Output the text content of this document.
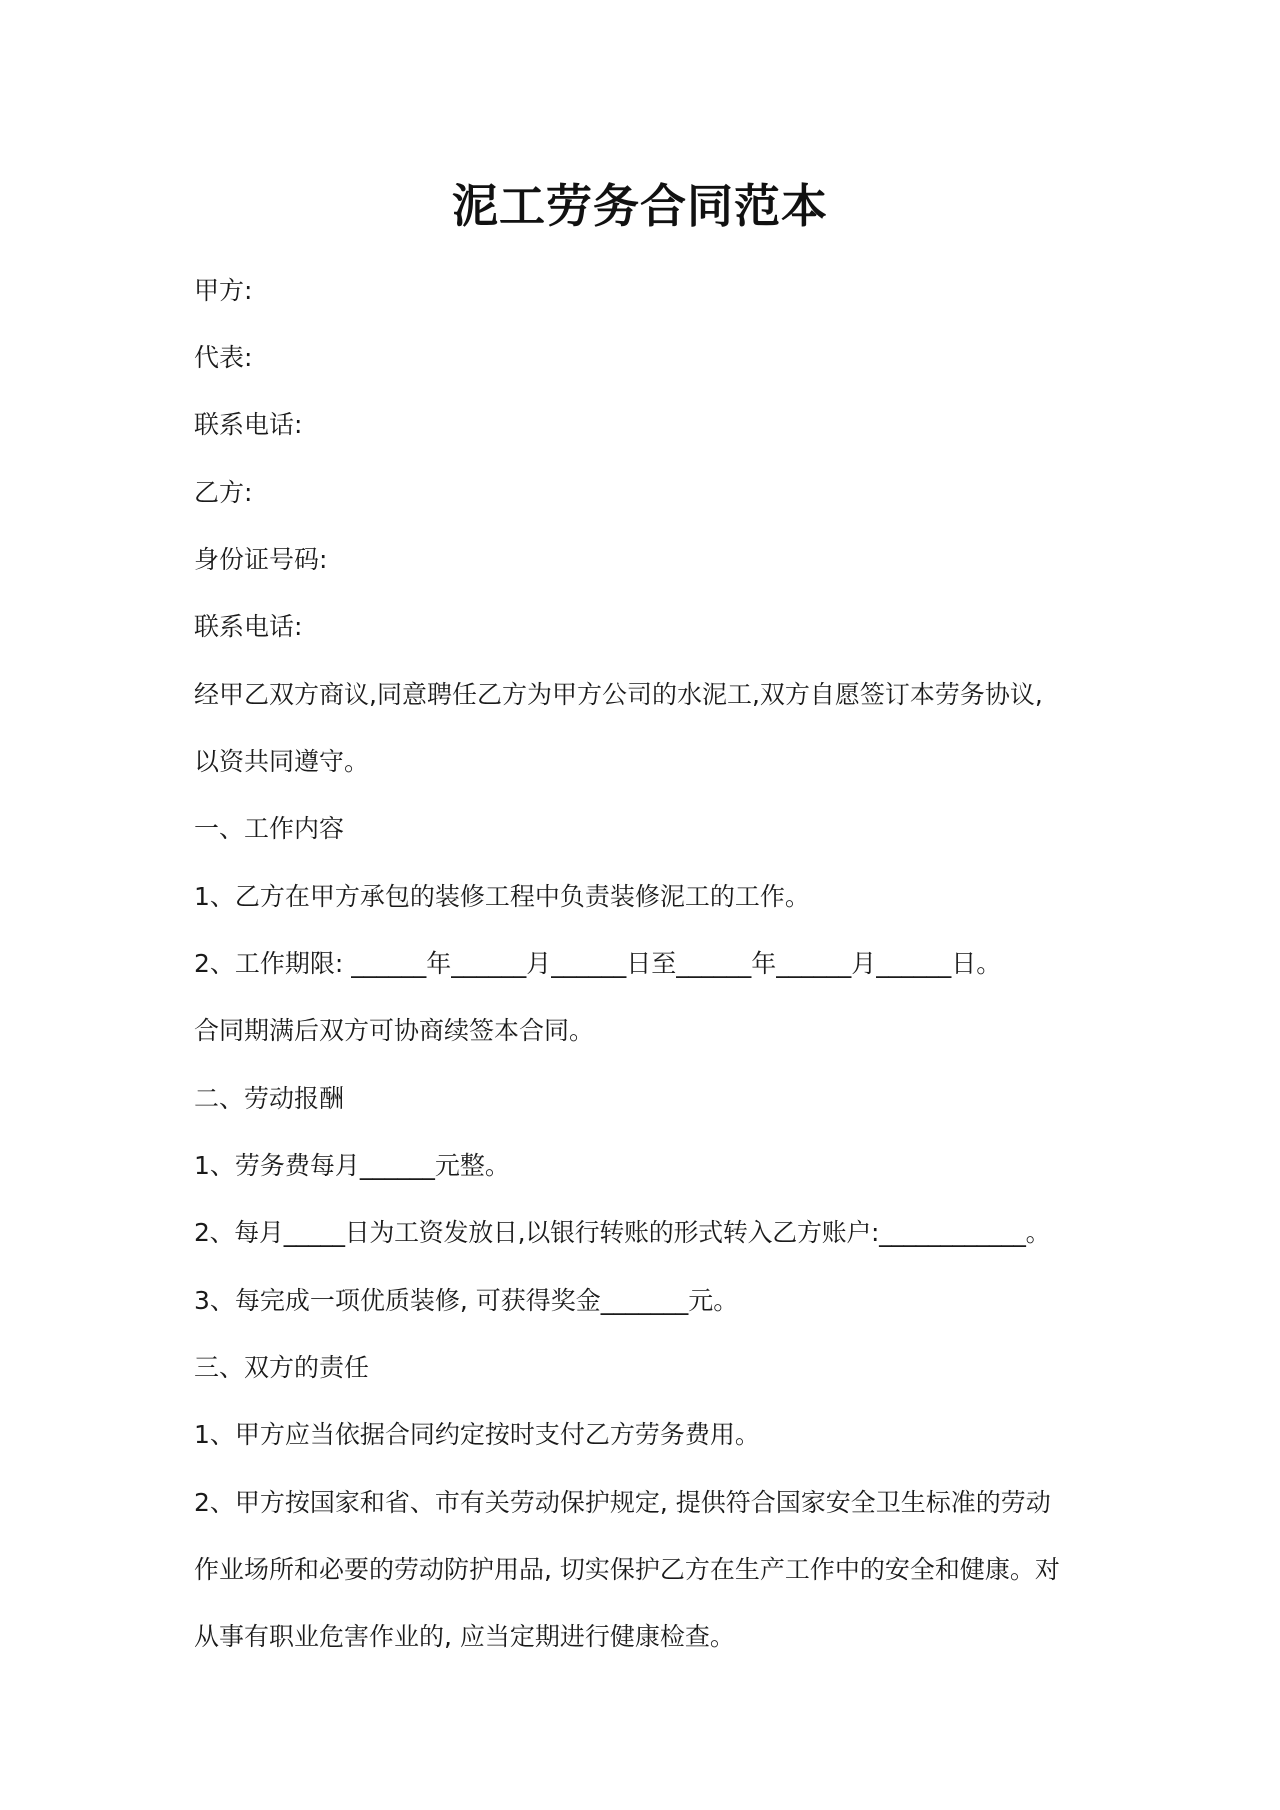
泥工劳务合同范本
甲方:
代表:
联系电话:
乙方:
身份证号码:
联系电话:
经甲乙双方商议,同意聘任乙方为甲方公司的水泥工,双方自愿签订本劳务协议,
以资共同遵守。
一、工作内容
1、乙方在甲方承包的装修工程中负责装修泥工的工作。
2、工作期限: ______年______月______日至______年______月______日。
合同期满后双方可协商续签本合同。
二、劳动报酬
1、劳务费每月______元整。
2、每月_____日为工资发放日,以银行转账的形式转入乙方账户:____________。
3、每完成一项优质装修, 可获得奖金_______元。
三、双方的责任
1、甲方应当依据合同约定按时支付乙方劳务费用。
2、甲方按国家和省、市有关劳动保护规定, 提供符合国家安全卫生标准的劳动
作业场所和必要的劳动防护用品, 切实保护乙方在生产工作中的安全和健康。对
从事有职业危害作业的, 应当定期进行健康检查。
